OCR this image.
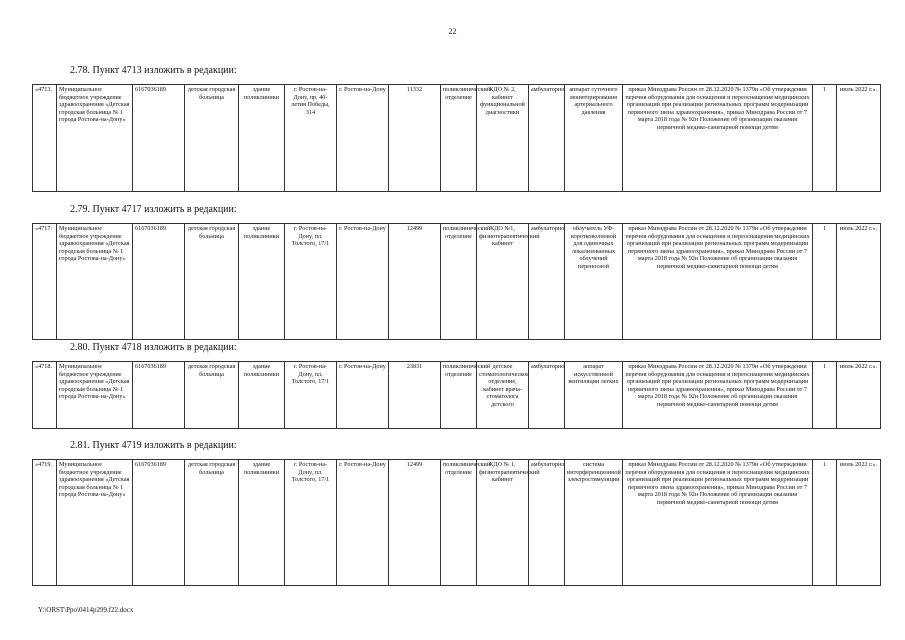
22
2.78. Пункт 4713 изложить в редакции:
«4713.	Муниципальное бюджетное учреждение здравоохранения «Детская городская больница № 1 города Ростова-на-Дону»	6167036189	детская городская больница	здание поликлиники	г. Ростов-на-Дону, пр. 40-летия Победы, 314	г. Ростов-на-Дону	11332	поликлинический отделение	КДО № 2, кабинет функциональной диагностики	амбулаторно	аппарат суточного мониторирования артериального давления	приказ Минздрава России от 28.12.2020 № 1379н «Об утверждении перечня оборудования для оснащения и переоснащения медицинских организаций при реализации региональных программ модернизации первичного звена здравоохранения», приказ Минздрава России от 7 марта 2018 года № 92н Положение об организации оказания первичной медико-санитарной помощи детям	1	июль 2022 г.».
2.79. Пункт 4717 изложить в редакции:
«4717.	Муниципальное бюджетное учреждение здравоохранения «Детская городская больница № 1 города Ростова-на-Дону»	6167036189	детская городская больница	здание поликлиники	г. Ростов-на-Дону, пл. Толстого, 17/1	г. Ростов-на-Дону	12499	поликлинический отделение	КДО №1, физиотерапевтический кабинет	амбулаторно	облучатель УФ-коротковолновой для одиночных локализованных облучений переносной	приказ Минздрава России от 28.12.2020 № 1379н «Об утверждении перечня оборудования для оснащения и переоснащения медицинских организаций при реализации региональных программ модернизации первичного звена здравоохранения», приказ Минздрава России от 7 марта 2018 года № 92н Положение об организации оказания первичной медико-санитарной помощи детям	1	июль 2022 г.».
2.80. Пункт 4718 изложить в редакции:
«4718.	Муниципальное бюджетное учреждение здравоохранения «Детская городская больница № 1 города Ростова-на-Дону»	6167036189	детская городская больница	здание поликлиники	г. Ростов-на-Дону, пл. Толстого, 17/1	г. Ростов-на-Дону	23831	поликлинический отделение	детское стоматологическое отделение, кабинет врача-стоматолога детского	амбулаторно	аппарат искусственной вентиляции легких	приказ Минздрава России от 28.12.2020 № 1379н «Об утверждении перечня оборудования для оснащения и переоснащения медицинских организаций при реализации региональных программ модернизации первичного звена здравоохранения», приказ Минздрава России от 7 марта 2018 года № 92н Положение об организации оказания первичной медико-санитарной помощи детям	1	июль 2022 г.».
2.81. Пункт 4719 изложить в редакции:
«4719.	Муниципальное бюджетное учреждение здравоохранения «Детская городская больница № 1 города Ростова-на-Дону»	6167036189	детская городская больница	здание поликлиники	г. Ростов-на-Дону, пл. Толстого, 17/1	г. Ростов-на-Дону	12499	поликлинический отделение	КДО № 1, физиотерапевтический кабинет	амбулаторно	система интерференционной электростимуляции	приказ Минздрава России от 28.12.2020 № 1379н «Об утверждении перечня оборудования для оснащения и переоснащения медицинских организаций при реализации региональных программ модернизации первичного звена здравоохранения», приказ Минздрава России от 7 марта 2018 года № 92н Положение об организации оказания первичной медико-санитарной помощи детям	1	июль 2022 г.».
Y:\ORST\Ppo\0414p299.f22.docx
